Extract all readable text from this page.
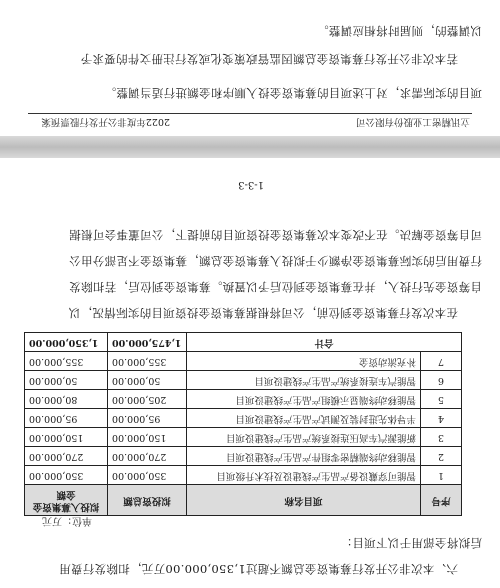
六、本次非公开发行募集资金总额不超过1,350,000.00万元，扣除发行费用
后拟将全部用于以下项目：
单位：万元
序号	项目名称	拟投资总额	拟投入募集资金金额
1	智能可穿戴设备产品生产线建设及技术升级项目	350,000.00	350,000.00
2	智能移动终端精密零组件产品生产线建设项目	270,000.00	270,000.00
3	新能源汽车高压连接系统产品生产线建设项目	150,000.00	150,000.00
4	半导体先进封装及测试产品生产线建设项目	95,000.00	95,000.00
5	智能移动终端显示模组产品生产线建设项目	205,000.00	80,000.00
6	智能汽车连接系统产品生产线建设项目	50,000.00	50,000.00
7	补充流动资金	355,000.00	355,000.00
合计		1,475,000.00	1,350,000.00
在本次发行募集资金到位前，公司将根据募集资金投资项目的实际情况，以
自筹资金先行投入，并在募集资金到位后予以置换。募集资金到位后，若扣除发
行费用后的实际募集资金净额少于拟投入募集资金总额，募集资金不足部分由公
司自筹资金解决。在不改变本次募集资金投资项目的前提下，公司董事会可根据
1-3-3
立讯精密工业股份有限公司
2022年度非公开发行股票预案
项目的实际需求，对上述项目的募集资金投入顺序和金额进行适当调整。
若本次非公开发行募集资金总额因监管政策变化或发行注册文件的要求予
以调整的，则届时将相应调整。
